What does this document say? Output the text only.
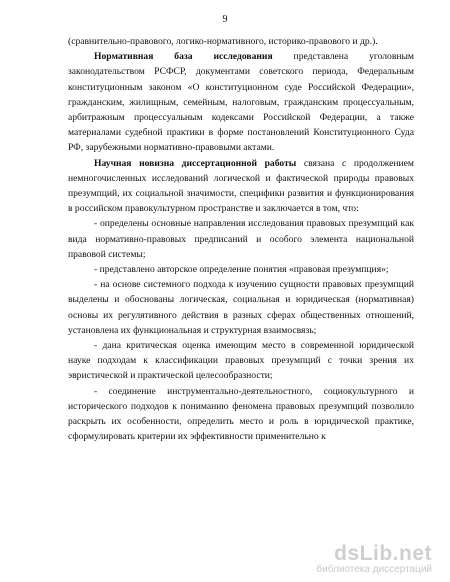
9

(сравнительно-правового, логико-нормативного, историко-правового и др.).

Нормативная база исследования представлена уголовным законодательством РСФСР, документами советского периода, Федеральным конституционным законом «О конституционном суде Российской Федерации», гражданским, жилищным, семейным, налоговым, гражданским процессуальным, арбитражным процессуальным кодексами Российской Федерации, а также материалами судебной практики в форме постановлений Конституционного Суда РФ, зарубежными нормативно-правовыми актами.

Научная новизна диссертационной работы связана с продолжением немногочисленных исследований логической и фактической природы правовых презумпций, их социальной значимости, специфики развития и функционирования в российском правокультурном пространстве и заключается в том, что:

- определены основные направления исследования правовых презумпций как вида нормативно-правовых предписаний и особого элемента национальной правовой системы;

- представлено авторское определение понятия «правовая презумпция»;

- на основе системного подхода к изучению сущности правовых презумпций выделены и обоснованы логическая, социальная и юридическая (нормативная) основы их регулятивного действия в разных сферах общественных отношений, установлена их функциональная и структурная взаимосвязь;

- дана критическая оценка имеющим место в современной юридической науке подходам к классификации правовых презумпций с точки зрения их эвристической и практической целесообразности;

- соединение инструментально-деятельностного, социокультурного и исторического подходов к пониманию феномена правовых презумпций позволило раскрыть их особенности, определить место и роль в юридической практике, сформулировать критерии их эффективности применительно к

dsLib.net
библиотека диссертаций
